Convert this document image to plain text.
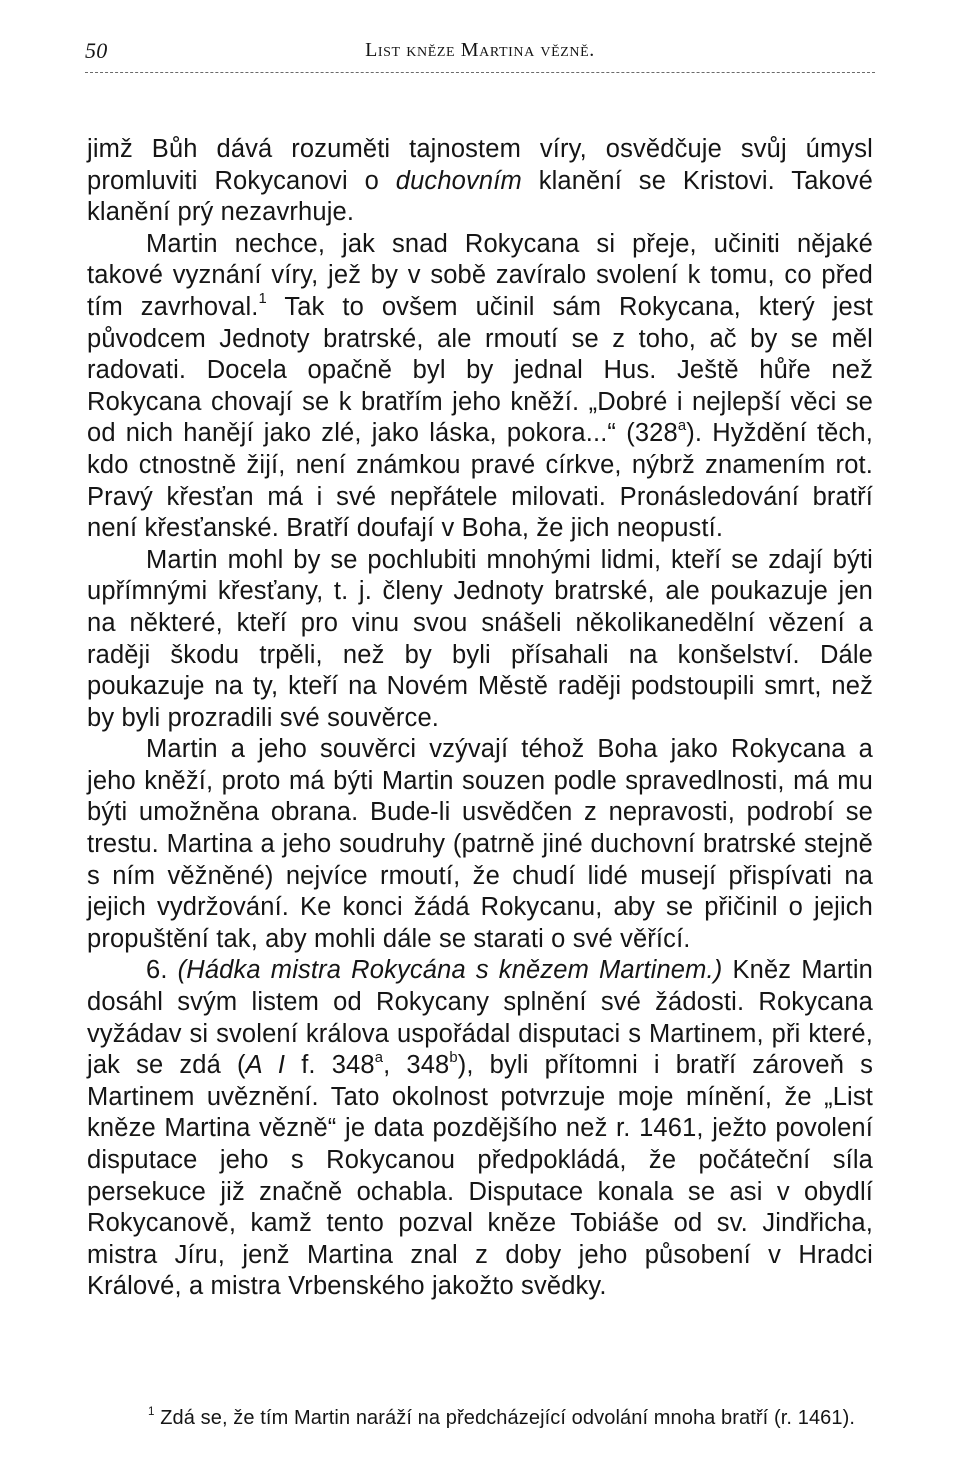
50	List kněze Martina vězně.

jimž Bůh dává rozuměti tajnostem víry, osvědčuje svůj úmysl promluviti Rokycanovi o duchovním klanění se Kristovi. Takové klanění prý nezavrhuje.

Martin nechce, jak snad Rokycana si přeje, učiniti nějaké takové vyznání víry, jež by v sobě zavíralo svolení k tomu, co před tím zavrhoval.$^1$ Tak to ovšem učinil sám Rokycana, který jest původcem Jednoty bratrské, ale rmoutí se z toho, ač by se měl radovati. Docela opačně byl by jednal Hus. Ještě hůře než Rokycana chovají se k bratřím jeho kněží. „Dobré i nejlepší věci se od nich hanějí jako zlé, jako láska, pokora...“ (328$^a$). Hyždění těch, kdo ctnostně žijí, není známkou pravé církve, nýbrž znamením rot. Pravý křesťan má i své nepřátele milovati. Pronásledování bratří není křesťanské. Bratří doufají v Boha, že jich neopustí.

Martin mohl by se pochlubiti mnohými lidmi, kteří se zdají býti upřímnými křesťany, t. j. členy Jednoty bratrské, ale poukazuje jen na některé, kteří pro vinu svou snášeli několikanedělní vězení a raději škodu trpěli, než by byli přísahali na konšelství. Dále poukazuje na ty, kteří na Novém Městě raději podstoupili smrt, než by byli prozradili své souvěrce.

Martin a jeho souvěrci vzývají téhož Boha jako Rokycana a jeho kněží, proto má býti Martin souzen podle spravedlnosti, má mu býti umožněna obrana. Bude-li usvědčen z nepravosti, podrobí se trestu. Martina a jeho soudruhy (patrně jiné duchovní bratrské stejně s ním věžněné) nejvíce rmoutí, že chudí lidé musejí přispívati na jejich vydržování. Ke konci žádá Rokycanu, aby se přičinil o jejich propuštění tak, aby mohli dále se starati o své věřící.

6. (Hádka mistra Rokycána s knězem Martinem.) Kněz Martin dosáhl svým listem od Rokycany splnění své žádosti. Rokycana vyžádav si svolení králova uspořádal disputaci s Martinem, při které, jak se zdá (A I f. 348$^a$, 348$^b$), byli přítomni i bratří zároveň s Martinem uvěznění. Tato okolnost potvrzuje moje mínění, že „List kněze Martina vězně“ je data pozdějšího než r. 1461, ježto povolení disputace jeho s Rokycanou předpokládá, že počáteční síla persekuce již značně ochabla. Disputace konala se asi v obydlí Rokycanově, kamž tento pozval kněze Tobiáše od sv. Jindřicha, mistra Jíru, jenž Martina znal z doby jeho působení v Hradci Králové, a mistra Vrbenského jakožto svědky.

$^1$ Zdá se, že tím Martin naráží na předcházející odvolání mnoha bratří (r. 1461).
